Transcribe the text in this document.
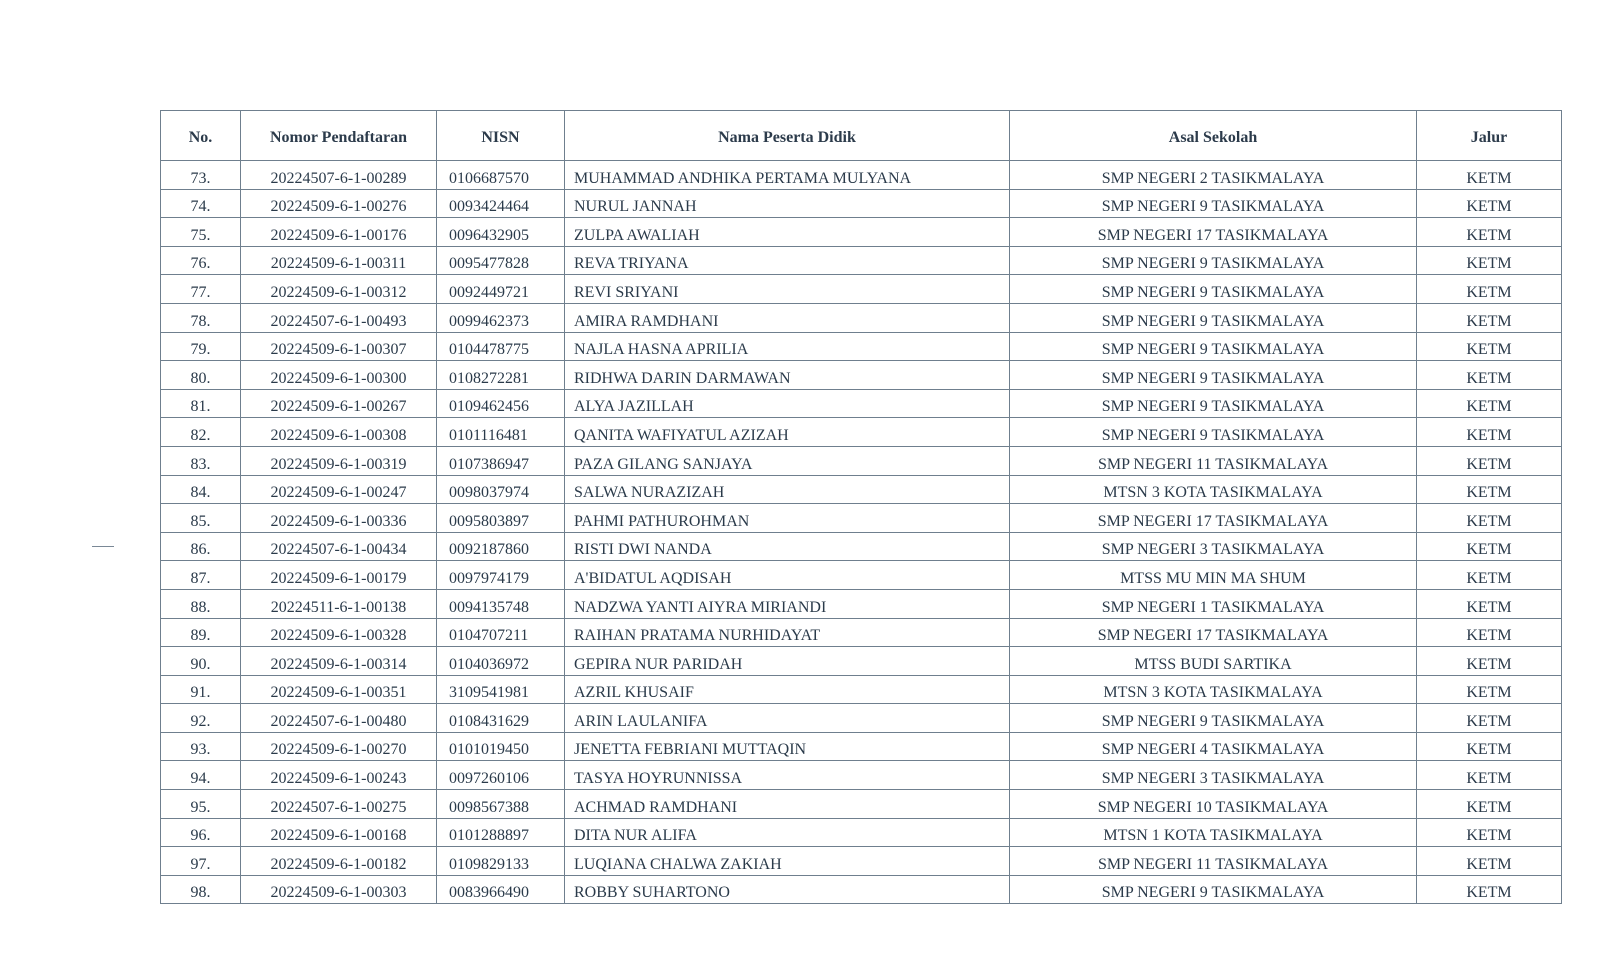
No.	Nomor Pendaftaran	NISN	Nama Peserta Didik	Asal Sekolah	Jalur
73.	20224507-6-1-00289	0106687570	MUHAMMAD ANDHIKA PERTAMA MULYANA	SMP NEGERI 2 TASIKMALAYA	KETM
74.	20224509-6-1-00276	0093424464	NURUL JANNAH	SMP NEGERI 9 TASIKMALAYA	KETM
75.	20224509-6-1-00176	0096432905	ZULPA AWALIAH	SMP NEGERI 17 TASIKMALAYA	KETM
76.	20224509-6-1-00311	0095477828	REVA TRIYANA	SMP NEGERI 9 TASIKMALAYA	KETM
77.	20224509-6-1-00312	0092449721	REVI SRIYANI	SMP NEGERI 9 TASIKMALAYA	KETM
78.	20224507-6-1-00493	0099462373	AMIRA RAMDHANI	SMP NEGERI 9 TASIKMALAYA	KETM
79.	20224509-6-1-00307	0104478775	NAJLA HASNA APRILIA	SMP NEGERI 9 TASIKMALAYA	KETM
80.	20224509-6-1-00300	0108272281	RIDHWA DARIN DARMAWAN	SMP NEGERI 9 TASIKMALAYA	KETM
81.	20224509-6-1-00267	0109462456	ALYA JAZILLAH	SMP NEGERI 9 TASIKMALAYA	KETM
82.	20224509-6-1-00308	0101116481	QANITA WAFIYATUL AZIZAH	SMP NEGERI 9 TASIKMALAYA	KETM
83.	20224509-6-1-00319	0107386947	PAZA GILANG SANJAYA	SMP NEGERI 11 TASIKMALAYA	KETM
84.	20224509-6-1-00247	0098037974	SALWA NURAZIZAH	MTSN 3 KOTA TASIKMALAYA	KETM
85.	20224509-6-1-00336	0095803897	PAHMI PATHUROHMAN	SMP NEGERI 17 TASIKMALAYA	KETM
86.	20224507-6-1-00434	0092187860	RISTI DWI NANDA	SMP NEGERI 3 TASIKMALAYA	KETM
87.	20224509-6-1-00179	0097974179	A'BIDATUL AQDISAH	MTSS MU MIN MA SHUM	KETM
88.	20224511-6-1-00138	0094135748	NADZWA YANTI AIYRA MIRIANDI	SMP NEGERI 1 TASIKMALAYA	KETM
89.	20224509-6-1-00328	0104707211	RAIHAN PRATAMA NURHIDAYAT	SMP NEGERI 17 TASIKMALAYA	KETM
90.	20224509-6-1-00314	0104036972	GEPIRA NUR PARIDAH	MTSS BUDI SARTIKA	KETM
91.	20224509-6-1-00351	3109541981	AZRIL KHUSAIF	MTSN 3 KOTA TASIKMALAYA	KETM
92.	20224507-6-1-00480	0108431629	ARIN LAULANIFA	SMP NEGERI 9 TASIKMALAYA	KETM
93.	20224509-6-1-00270	0101019450	JENETTA FEBRIANI MUTTAQIN	SMP NEGERI 4 TASIKMALAYA	KETM
94.	20224509-6-1-00243	0097260106	TASYA HOYRUNNISSA	SMP NEGERI 3 TASIKMALAYA	KETM
95.	20224507-6-1-00275	0098567388	ACHMAD RAMDHANI	SMP NEGERI 10 TASIKMALAYA	KETM
96.	20224509-6-1-00168	0101288897	DITA NUR ALIFA	MTSN 1 KOTA TASIKMALAYA	KETM
97.	20224509-6-1-00182	0109829133	LUQIANA CHALWA ZAKIAH	SMP NEGERI 11 TASIKMALAYA	KETM
98.	20224509-6-1-00303	0083966490	ROBBY SUHARTONO	SMP NEGERI 9 TASIKMALAYA	KETM
